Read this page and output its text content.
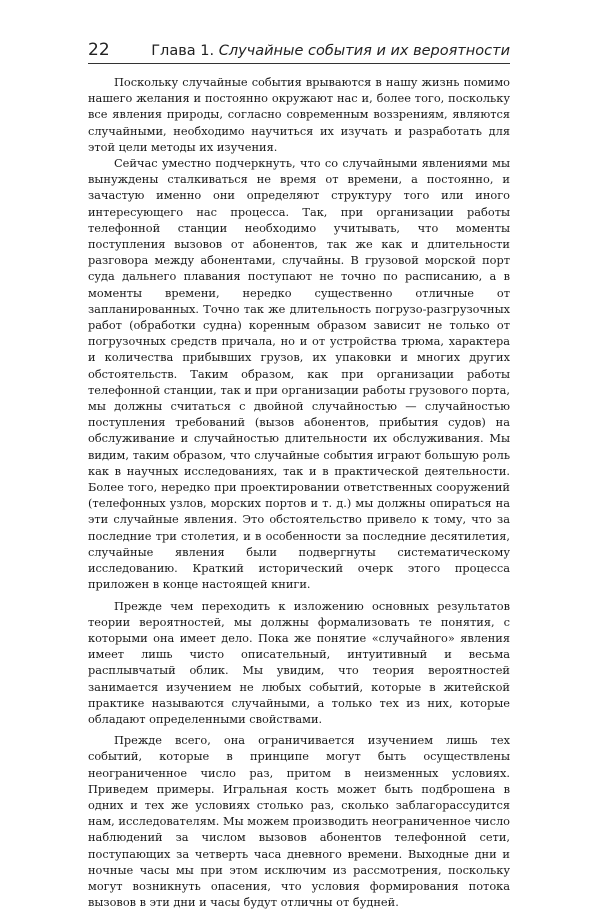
22	Глава 1. Случайные события и их вероятности

Поскольку случайные события врываются в нашу жизнь помимо нашего желания и постоянно окружают нас и, более того, поскольку все явления природы, согласно современным воззрениям, являются случайными, необходимо научиться их изучать и разработать для этой цели методы их изучения.

Сейчас уместно подчеркнуть, что со случайными явлениями мы вынуждены сталкиваться не время от времени, а постоянно, и зачастую именно они определяют структуру того или иного интересующего нас процесса. Так, при организации работы телефонной станции необходимо учитывать, что моменты поступления вызовов от абонентов, так же как и длительности разговора между абонентами, случайны. В грузовой морской порт суда дальнего плавания поступают не точно по расписанию, а в моменты времени, нередко существенно отличные от запланированных. Точно так же длительность погрузо-разгрузочных работ (обработки судна) коренным образом зависит не только от погрузочных средств причала, но и от устройства трюма, характера и количества прибывших грузов, их упаковки и многих других обстоятельств. Таким образом, как при организации работы телефонной станции, так и при организации работы грузового порта, мы должны считаться с двойной случайностью — случайностью поступления требований (вызов абонентов, прибытия судов) на обслуживание и случайностью длительности их обслуживания. Мы видим, таким образом, что случайные события играют большую роль как в научных исследованиях, так и в практической деятельности. Более того, нередко при проектировании ответственных сооружений (телефонных узлов, морских портов и т. д.) мы должны опираться на эти случайные явления. Это обстоятельство привело к тому, что за последние три столетия, и в особенности за последние десятилетия, случайные явления были подвергнуты систематическому исследованию. Краткий исторический очерк этого процесса приложен в конце настоящей книги.

Прежде чем переходить к изложению основных результатов теории вероятностей, мы должны формализовать те понятия, с которыми она имеет дело. Пока же понятие «случайного» явления имеет лишь чисто описательный, интуитивный и весьма расплывчатый облик. Мы увидим, что теория вероятностей занимается изучением не любых событий, которые в житейской практике называются случайными, а только тех из них, которые обладают определенными свойствами.

Прежде всего, она ограничивается изучением лишь тех событий, которые в принципе могут быть осуществлены неограниченное число раз, притом в неизменных условиях. Приведем примеры. Игральная кость может быть подброшена в одних и тех же условиях столько раз, сколько заблагорассудится нам, исследователям. Мы можем производить неограниченное число наблюдений за числом вызовов абонентов телефонной сети, поступающих за четверть часа дневного времени. Выходные дни и ночные часы мы при этом исключим из рассмотрения, поскольку могут возникнуть опасения, что условия формирования потока вызовов в эти дни и часы будут отличны от будней.
